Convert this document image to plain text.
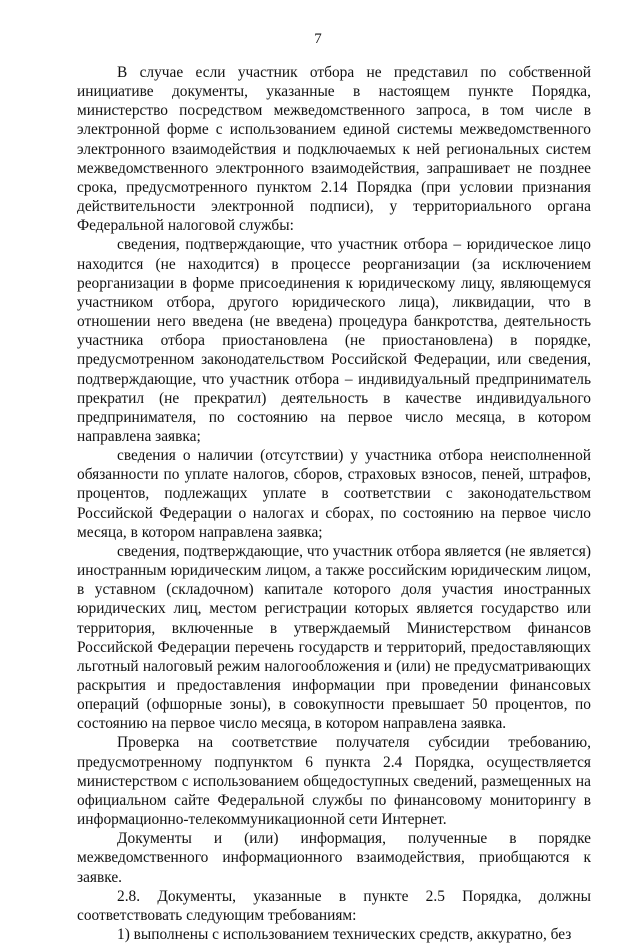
7

В случае если участник отбора не представил по собственной инициативе документы, указанные в настоящем пункте Порядка, министерство посредством межведомственного запроса, в том числе в электронной форме с использованием единой системы межведомственного электронного взаимодействия и подключаемых к ней региональных систем межведомственного электронного взаимодействия, запрашивает не позднее срока, предусмотренного пунктом 2.14 Порядка (при условии признания действительности электронной подписи), у территориального органа Федеральной налоговой службы:

сведения, подтверждающие, что участник отбора – юридическое лицо находится (не находится) в процессе реорганизации (за исключением реорганизации в форме присоединения к юридическому лицу, являющемуся участником отбора, другого юридического лица), ликвидации, что в отношении него введена (не введена) процедура банкротства, деятельность участника отбора приостановлена (не приостановлена) в порядке, предусмотренном законодательством Российской Федерации, или сведения, подтверждающие, что участник отбора – индивидуальный предприниматель прекратил (не прекратил) деятельность в качестве индивидуального предпринимателя, по состоянию на первое число месяца, в котором направлена заявка;

сведения о наличии (отсутствии) у участника отбора неисполненной обязанности по уплате налогов, сборов, страховых взносов, пеней, штрафов, процентов, подлежащих уплате в соответствии с законодательством Российской Федерации о налогах и сборах, по состоянию на первое число месяца, в котором направлена заявка;

сведения, подтверждающие, что участник отбора является (не является) иностранным юридическим лицом, а также российским юридическим лицом, в уставном (складочном) капитале которого доля участия иностранных юридических лиц, местом регистрации которых является государство или территория, включенные в утверждаемый Министерством финансов Российской Федерации перечень государств и территорий, предоставляющих льготный налоговый режим налогообложения и (или) не предусматривающих раскрытия и предоставления информации при проведении финансовых операций (офшорные зоны), в совокупности превышает 50 процентов, по состоянию на первое число месяца, в котором направлена заявка.

Проверка на соответствие получателя субсидии требованию, предусмотренному подпунктом 6 пункта 2.4 Порядка, осуществляется министерством с использованием общедоступных сведений, размещенных на официальном сайте Федеральной службы по финансовому мониторингу в информационно-телекоммуникационной сети Интернет.

Документы и (или) информация, полученные в порядке межведомственного информационного взаимодействия, приобщаются к заявке.

2.8. Документы, указанные в пункте 2.5 Порядка, должны соответствовать следующим требованиям:

1) выполнены с использованием технических средств, аккуратно, без
